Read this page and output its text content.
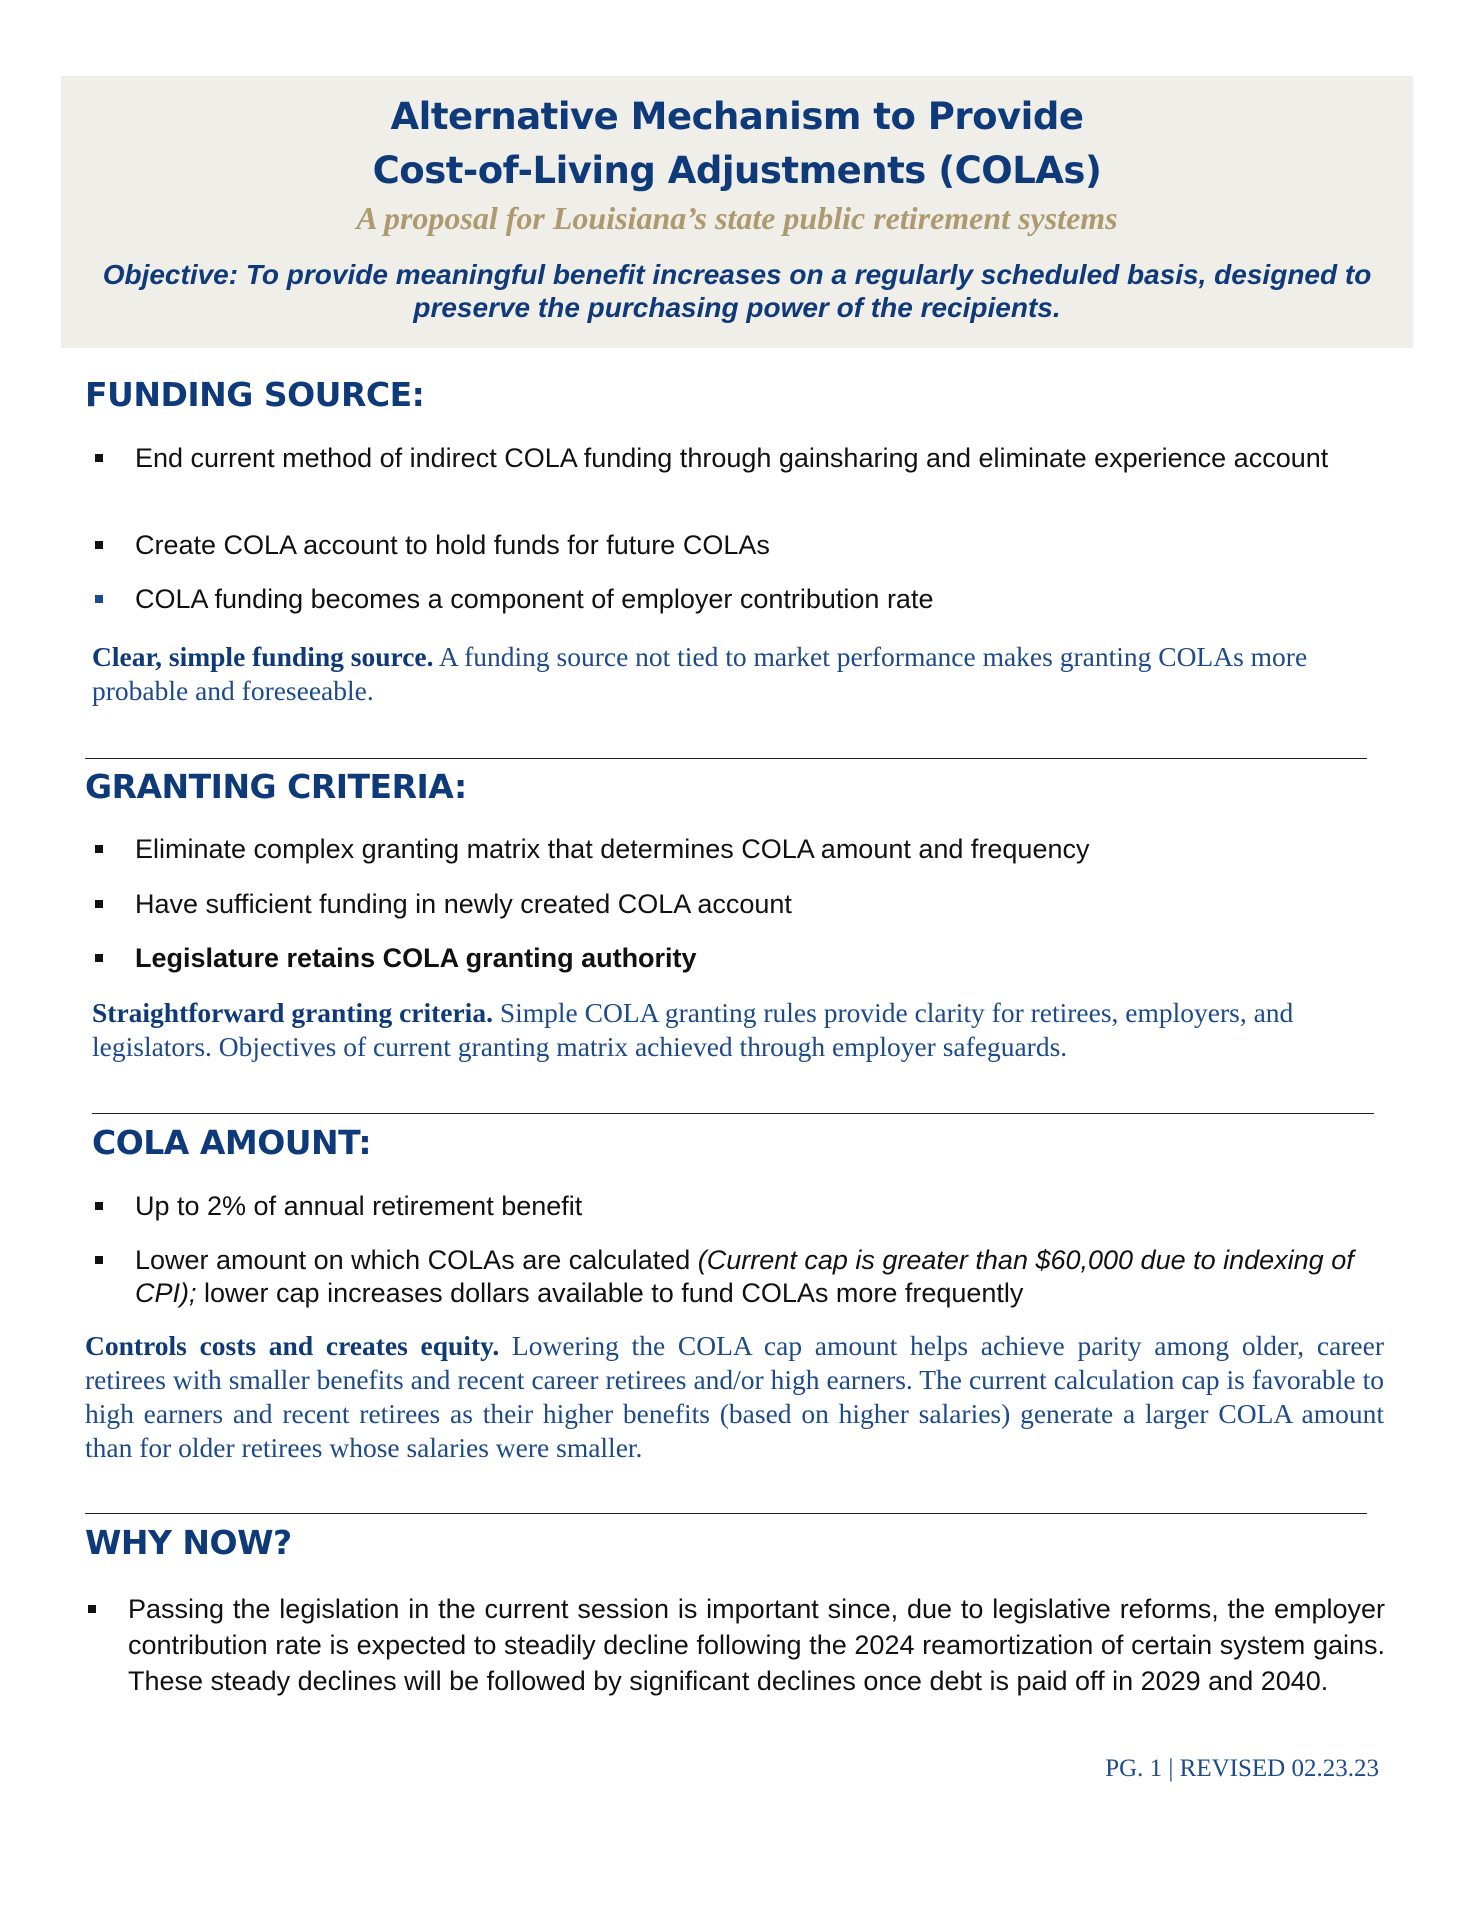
Alternative Mechanism to Provide
Cost-of-Living Adjustments (COLAs)

A proposal for Louisiana’s state public retirement systems

Objective: To provide meaningful benefit increases on a regularly scheduled basis, designed to preserve the purchasing power of the recipients.

FUNDING SOURCE:
End current method of indirect COLA funding through gainsharing and eliminate experience account
Create COLA account to hold funds for future COLAs
COLA funding becomes a component of employer contribution rate

Clear, simple funding source. A funding source not tied to market performance makes granting COLAs more probable and foreseeable.

GRANTING CRITERIA:
Eliminate complex granting matrix that determines COLA amount and frequency
Have sufficient funding in newly created COLA account
Legislature retains COLA granting authority

Straightforward granting criteria. Simple COLA granting rules provide clarity for retirees, employers, and legislators. Objectives of current granting matrix achieved through employer safeguards.

COLA AMOUNT:
Up to 2% of annual retirement benefit
Lower amount on which COLAs are calculated (Current cap is greater than $60,000 due to indexing of CPI); lower cap increases dollars available to fund COLAs more frequently

Controls costs and creates equity. Lowering the COLA cap amount helps achieve parity among older, career retirees with smaller benefits and recent career retirees and/or high earners. The current calculation cap is favorable to high earners and recent retirees as their higher benefits (based on higher salaries) generate a larger COLA amount than for older retirees whose salaries were smaller.

WHY NOW?
Passing the legislation in the current session is important since, due to legislative reforms, the employer contribution rate is expected to steadily decline following the 2024 reamortization of certain system gains. These steady declines will be followed by significant declines once debt is paid off in 2029 and 2040.
PG. 1 | REVISED 02.23.23
